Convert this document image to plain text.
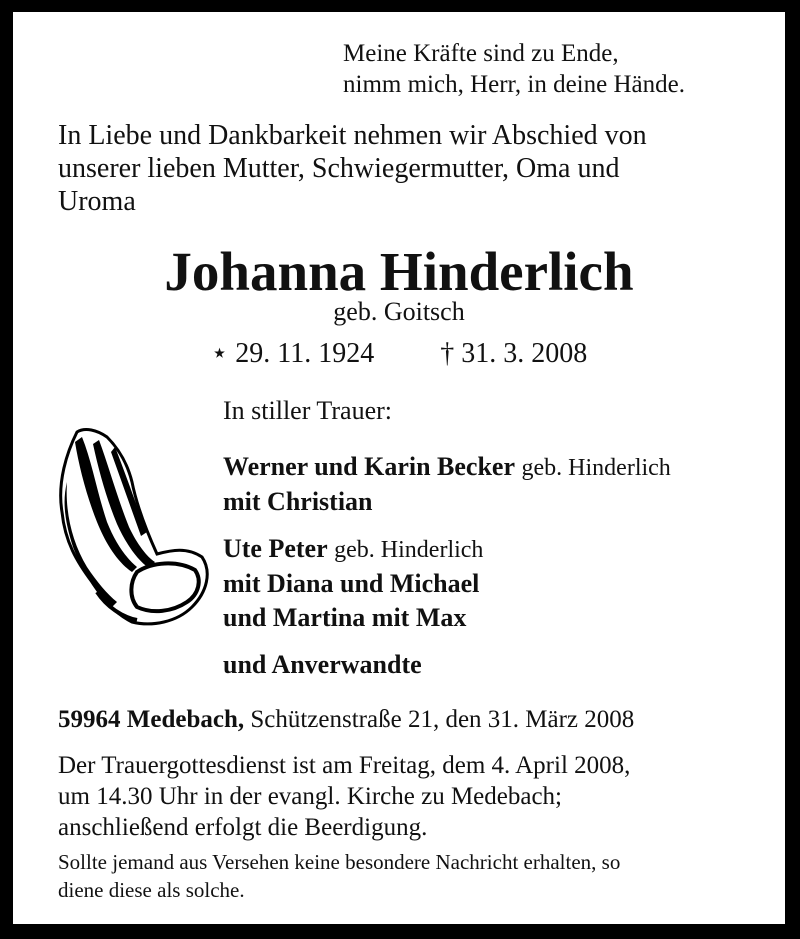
Meine Kräfte sind zu Ende,
nimm mich, Herr, in deine Hände.
In Liebe und Dankbarkeit nehmen wir Abschied von
unserer lieben Mutter, Schwiegermutter, Oma und
Uroma
Johanna Hinderlich
geb. Goitsch
⋆ 29. 11. 1924 † 31. 3. 2008
In stiller Trauer:
Werner und Karin Becker geb. Hinderlich
mit Christian
Ute Peter geb. Hinderlich
mit Diana und Michael
und Martina mit Max
und Anverwandte
59964 Medebach, Schützenstraße 21, den 31. März 2008
Der Trauergottesdienst ist am Freitag, dem 4. April 2008,
um 14.30 Uhr in der evangl. Kirche zu Medebach;
anschließend erfolgt die Beerdigung.
Sollte jemand aus Versehen keine besondere Nachricht erhalten, so
diene diese als solche.
